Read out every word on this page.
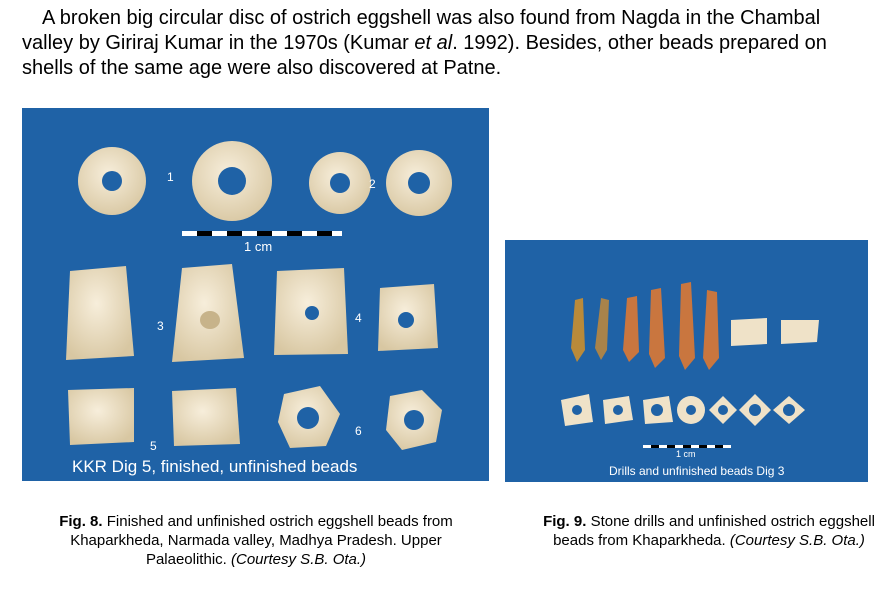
A broken big circular disc of ostrich eggshell was also found from Nagda in the Chambal valley by Giriraj Kumar in the 1970s (Kumar et al. 1992). Besides, other beads prepared on shells of the same age were also discovered at Patne.

1	2
1 cm
3
4
5
6
KKR Dig 5, finished, unfinished beads
1 cm
Drills and unfinished beads Dig 3
Fig. 8. Finished and unfinished ostrich eggshell beads from Khaparkheda, Narmada valley, Madhya Pradesh. Upper Palaeolithic. (Courtesy S.B. Ota.)
Fig. 9. Stone drills and unfinished ostrich eggshell beads from Khaparkheda. (Courtesy S.B. Ota.)
